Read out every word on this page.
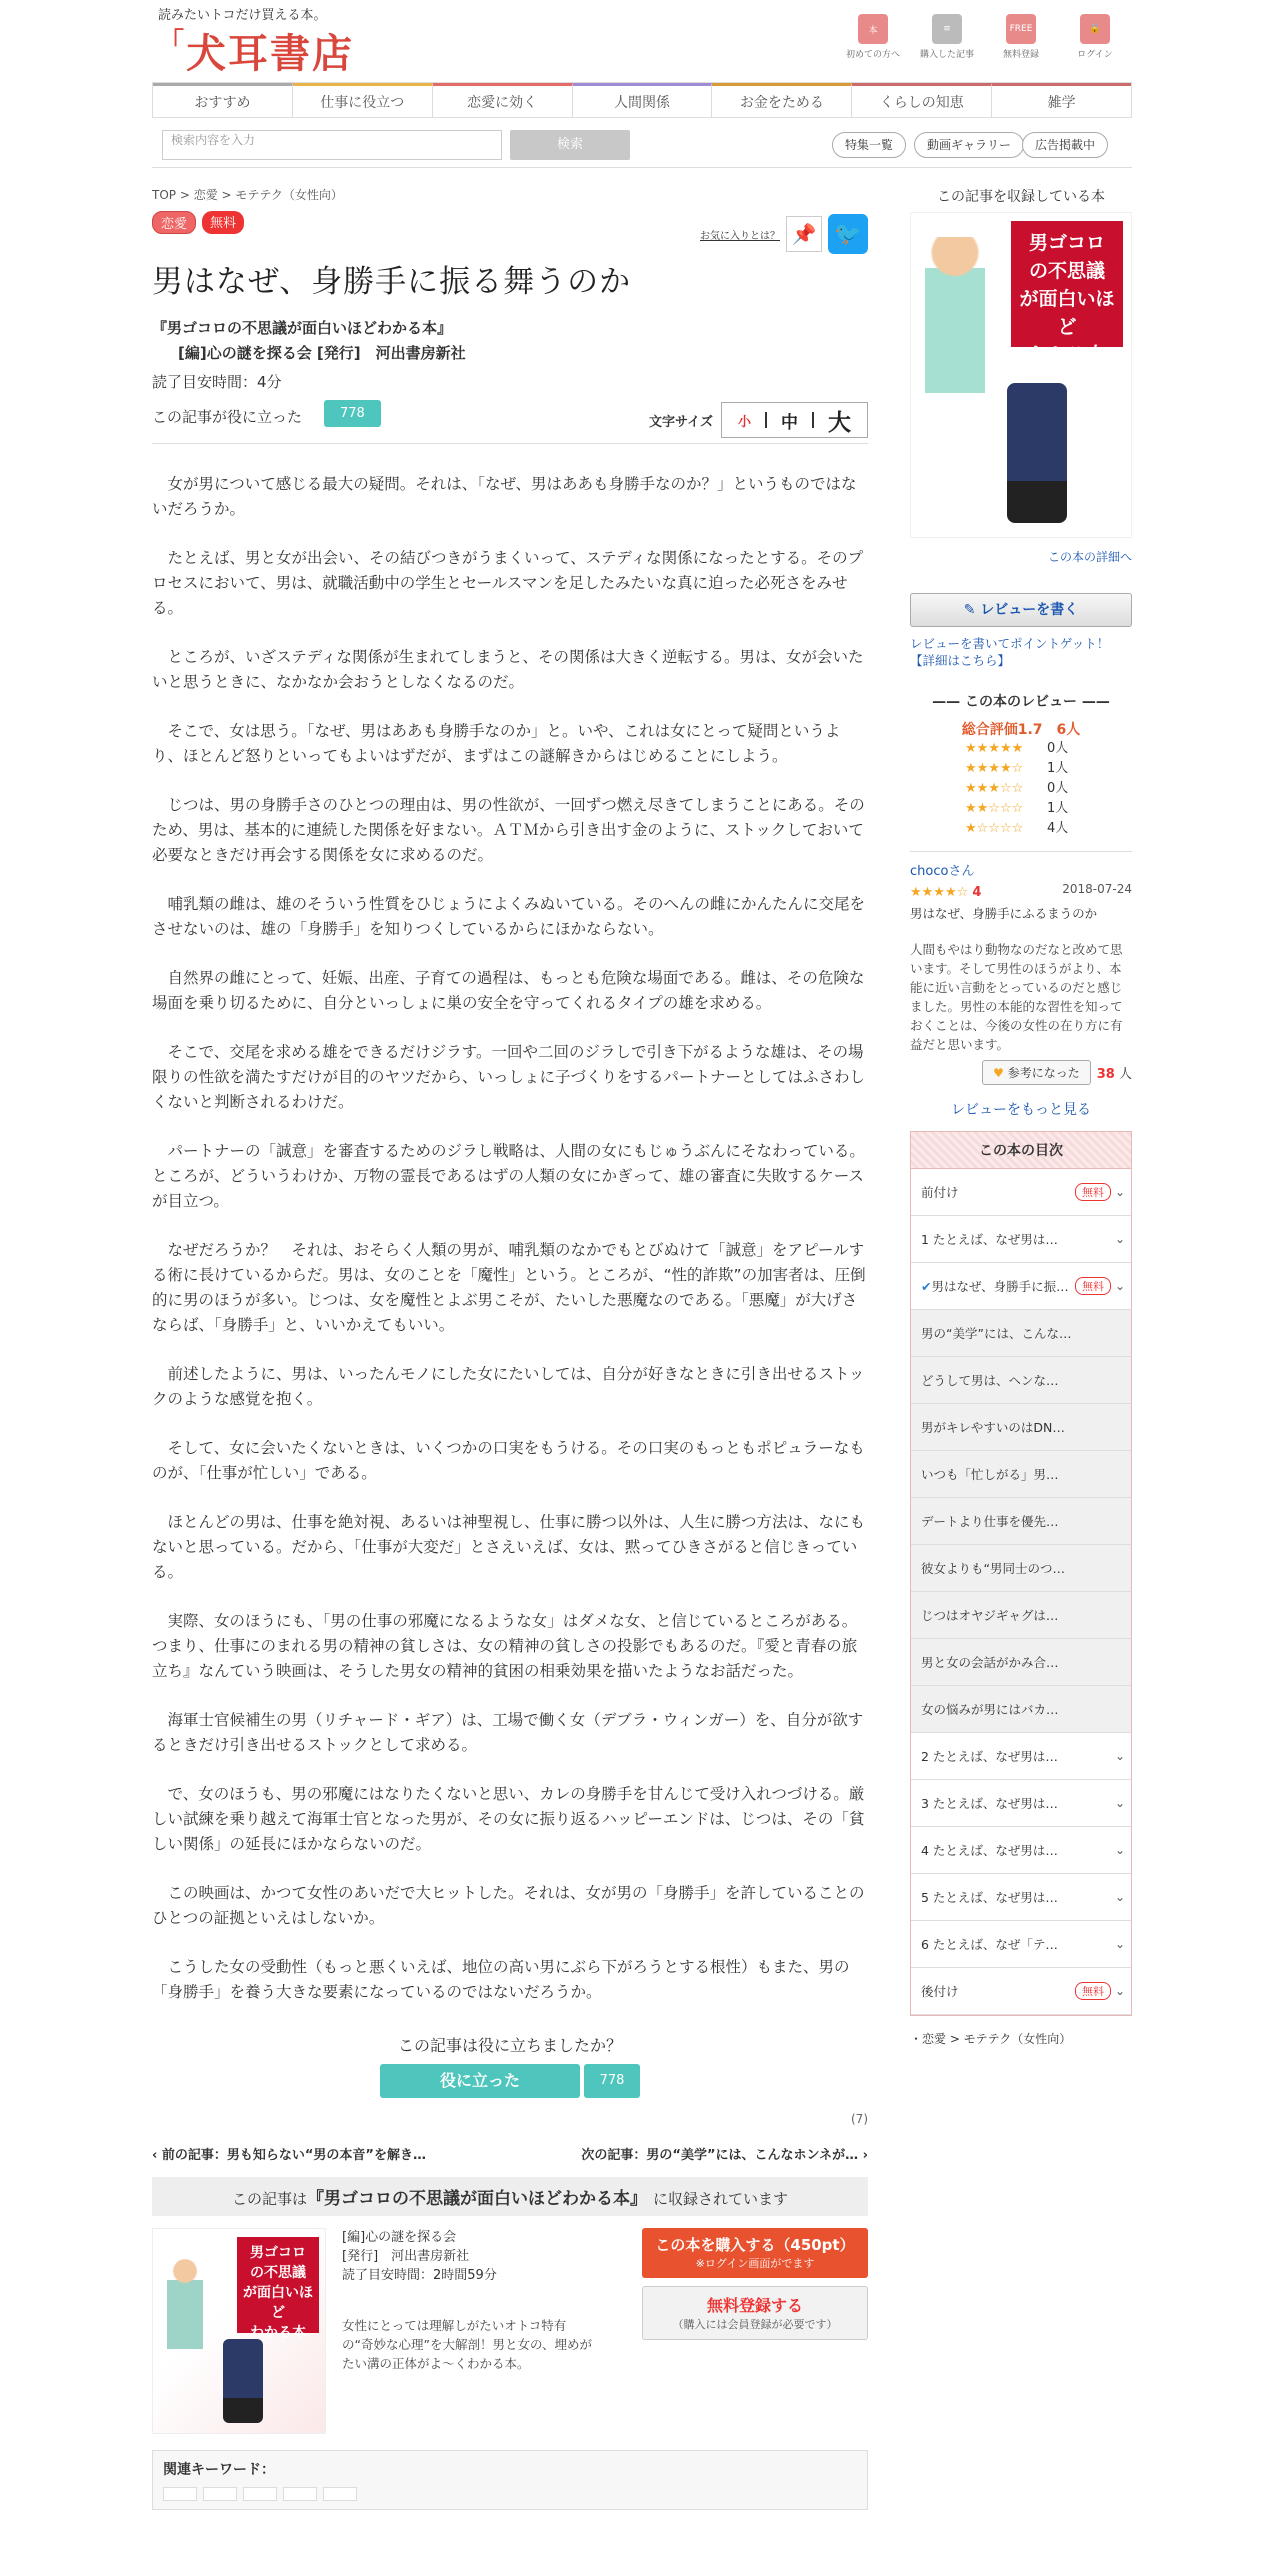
読みたいトコだけ買える本。
「犬耳書店	本
初めての方へ
≡
購入した記事
FREE
無料登録
🔒
ログイン
おすすめ	仕事に役立つ	恋愛に効く	人間関係	お金をためる	くらしの知恵	雑学
検索内容を入力	検索	特集一覧	動画ギャラリー	広告掲載中
TOP > 恋愛 > モテテク（女性向）
恋愛	無料
お気に入りとは？ 📌 🐦
男はなぜ、身勝手に振る舞うのか
『男ゴコロの不思議が面白いほどわかる本』
[編]心の謎を探る会 [発行]　河出書房新社
読了目安時間：4分
この記事が役に立った	778
文字サイズ	小	中	大

女が男について感じる最大の疑問。それは、「なぜ、男はああも身勝手なのか？」というものではないだろうか。

たとえば、男と女が出会い、その結びつきがうまくいって、ステディな関係になったとする。そのプロセスにおいて、男は、就職活動中の学生とセールスマンを足したみたいな真に迫った必死さをみせる。

ところが、いざステディな関係が生まれてしまうと、その関係は大きく逆転する。男は、女が会いたいと思うときに、なかなか会おうとしなくなるのだ。

そこで、女は思う。「なぜ、男はああも身勝手なのか」と。いや、これは女にとって疑問というより、ほとんど怒りといってもよいはずだが、まずはこの謎解きからはじめることにしよう。

じつは、男の身勝手さのひとつの理由は、男の性欲が、一回ずつ燃え尽きてしまうことにある。そのため、男は、基本的に連続した関係を好まない。ＡＴＭから引き出す金のように、ストックしておいて必要なときだけ再会する関係を女に求めるのだ。

哺乳類の雌は、雄のそういう性質をひじょうによくみぬいている。そのへんの雌にかんたんに交尾をさせないのは、雄の「身勝手」を知りつくしているからにほかならない。

自然界の雌にとって、妊娠、出産、子育ての過程は、もっとも危険な場面である。雌は、その危険な場面を乗り切るために、自分といっしょに巣の安全を守ってくれるタイプの雄を求める。

そこで、交尾を求める雄をできるだけジラす。一回や二回のジラしで引き下がるような雄は、その場限りの性欲を満たすだけが目的のヤツだから、いっしょに子づくりをするパートナーとしてはふさわしくないと判断されるわけだ。

パートナーの「誠意」を審査するためのジラし戦略は、人間の女にもじゅうぶんにそなわっている。ところが、どういうわけか、万物の霊長であるはずの人類の女にかぎって、雄の審査に失敗するケースが目立つ。

なぜだろうか？　それは、おそらく人類の男が、哺乳類のなかでもとびぬけて「誠意」をアピールする術に長けているからだ。男は、女のことを「魔性」という。ところが、“性的詐欺”の加害者は、圧倒的に男のほうが多い。じつは、女を魔性とよぶ男こそが、たいした悪魔なのである。「悪魔」が大げさならば、「身勝手」と、いいかえてもいい。

前述したように、男は、いったんモノにした女にたいしては、自分が好きなときに引き出せるストックのような感覚を抱く。

そして、女に会いたくないときは、いくつかの口実をもうける。その口実のもっともポピュラーなものが、「仕事が忙しい」である。

ほとんどの男は、仕事を絶対視、あるいは神聖視し、仕事に勝つ以外は、人生に勝つ方法は、なにもないと思っている。だから、「仕事が大変だ」とさえいえば、女は、黙ってひきさがると信じきっている。

実際、女のほうにも、「男の仕事の邪魔になるような女」はダメな女、と信じているところがある。つまり、仕事にのまれる男の精神の貧しさは、女の精神の貧しさの投影でもあるのだ。『愛と青春の旅立ち』なんていう映画は、そうした男女の精神的貧困の相乗効果を描いたようなお話だった。

海軍士官候補生の男（リチャード・ギア）は、工場で働く女（デブラ・ウィンガー）を、自分が欲するときだけ引き出せるストックとして求める。

で、女のほうも、男の邪魔にはなりたくないと思い、カレの身勝手を甘んじて受け入れつづける。厳しい試練を乗り越えて海軍士官となった男が、その女に振り返るハッピーエンドは、じつは、その「貧しい関係」の延長にほかならないのだ。

この映画は、かつて女性のあいだで大ヒットした。それは、女が男の「身勝手」を許していることのひとつの証拠といえはしないか。

こうした女の受動性（もっと悪くいえば、地位の高い男にぶら下がろうとする根性）もまた、男の「身勝手」を養う大きな要素になっているのではないだろうか。

この記事は役に立ちましたか？
役に立った	778
(7)
‹ 前の記事：男も知らない“男の本音”を解き…	次の記事：男の“美学”には、こんなホンネが… ›
この記事は『男ゴコロの不思議が面白いほどわかる本』 に収録されています
男ゴコロ
の不思議
が面白いほど
わかる本
[編]心の謎を探る会
[発行]　河出書房新社
読了目安時間：2時間59分
女性にとっては理解しがたいオトコ特有の“奇妙な心理”を大解剖！男と女の、埋めがたい溝の正体がよ〜くわかる本。
この本を購入する（450pt）
※ログイン画面がでます
無料登録する
（購入には会員登録が必要です）
関連キーワード：
この記事を収録している本
男ゴコロ
の不思議
が面白いほど
わかる本
この本の詳細へ
✎ レビューを書く
レビューを書いてポイントゲット！【詳細はこちら】
—— この本のレビュー ——
総合評価1.7　6人
★★★★★	0人
★★★★☆	1人
★★★☆☆	0人
★★☆☆☆	1人
★☆☆☆☆	4人
chocoさん
★★★★☆ 4	2018-07-24
男はなぜ、身勝手にふるまうのか
人間もやはり動物なのだなと改めて思います。そして男性のほうがより、本能に近い言動をとっているのだと感じました。男性の本能的な習性を知っておくことは、今後の女性の在り方に有益だと思います。
♥ 参考になった	38 人
レビューをもっと見る
この本の目次
前付け	無料 ⌄
1 たとえば、なぜ男は…	⌄
✔ 男はなぜ、身勝手に振…	無料 ⌄
男の“美学”には、こんな…
どうして男は、ヘンな…
男がキレやすいのはDN…
いつも「忙しがる」男…
デートより仕事を優先…
彼女よりも“男同士のつ…
じつはオヤジギャグは…
男と女の会話がかみ合…
女の悩みが男にはバカ…
2 たとえば、なぜ男は…	⌄
3 たとえば、なぜ男は…	⌄
4 たとえば、なぜ男は…	⌄
5 たとえば、なぜ男は…	⌄
6 たとえば、なぜ「テ…	⌄
後付け	無料 ⌄
・恋愛 > モテテク（女性向）
